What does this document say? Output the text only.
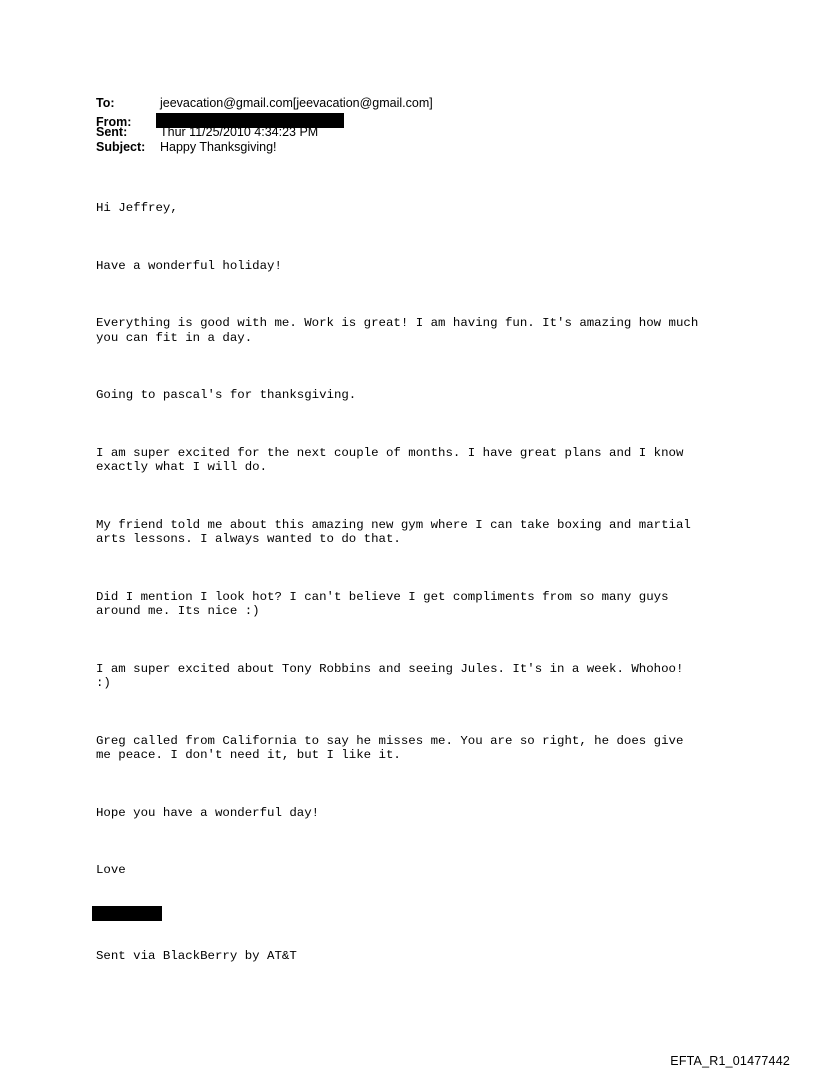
To:	jeevacation@gmail.com[jeevacation@gmail.com]
From:
Sent:	Thur 11/25/2010 4:34:23 PM
Subject:	Happy Thanksgiving!

Hi Jeffrey,

Have a wonderful holiday!

Everything is good with me. Work is great! I am having fun. It's amazing how much
you can fit in a day.

Going to pascal's for thanksgiving.

I am super excited for the next couple of months. I have great plans and I know
exactly what I will do.

My friend told me about this amazing new gym where I can take boxing and martial
arts lessons. I always wanted to do that.

Did I mention I look hot? I can't believe I get compliments from so many guys
around me. Its nice :)

I am super excited about Tony Robbins and seeing Jules. It's in a week. Whohoo!
:)

Greg called from California to say he misses me. You are so right, he does give
me peace. I don't need it, but I like it.

Hope you have a wonderful day!

Love

Sent via BlackBerry by AT&T

EFTA_R1_01477442
